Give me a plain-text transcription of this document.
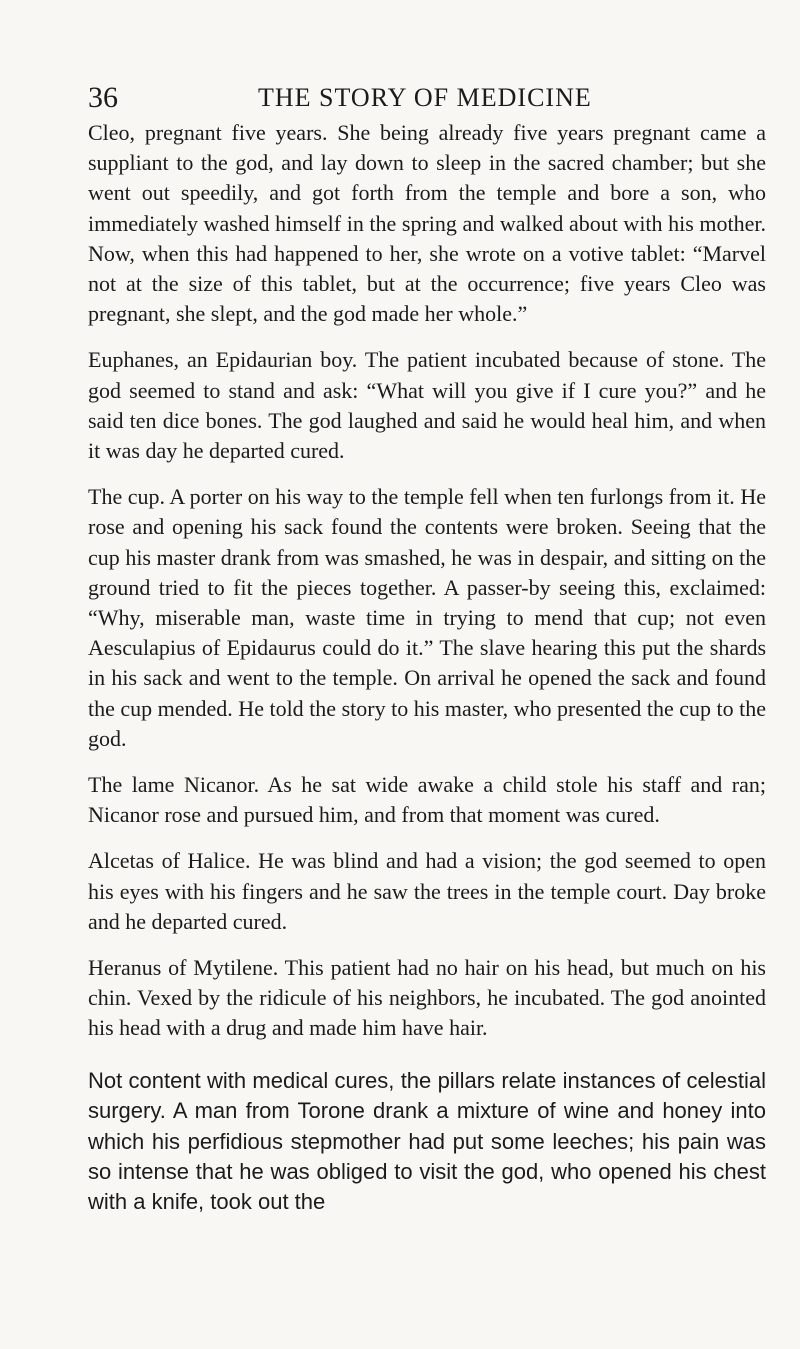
36	THE STORY OF MEDICINE

Cleo, pregnant five years. She being already five years pregnant came a suppliant to the god, and lay down to sleep in the sacred chamber; but she went out speedily, and got forth from the temple and bore a son, who immediately washed himself in the spring and walked about with his mother. Now, when this had happened to her, she wrote on a votive tablet: “Marvel not at the size of this tablet, but at the occurrence; five years Cleo was pregnant, she slept, and the god made her whole.”

Euphanes, an Epidaurian boy. The patient incubated because of stone. The god seemed to stand and ask: “What will you give if I cure you?” and he said ten dice bones. The god laughed and said he would heal him, and when it was day he departed cured.

The cup. A porter on his way to the temple fell when ten furlongs from it. He rose and opening his sack found the contents were broken. Seeing that the cup his master drank from was smashed, he was in despair, and sitting on the ground tried to fit the pieces together. A passer-by seeing this, exclaimed: “Why, miserable man, waste time in trying to mend that cup; not even Aesculapius of Epidaurus could do it.” The slave hearing this put the shards in his sack and went to the temple. On arrival he opened the sack and found the cup mended. He told the story to his master, who presented the cup to the god.

The lame Nicanor. As he sat wide awake a child stole his staff and ran; Nicanor rose and pursued him, and from that moment was cured.

Alcetas of Halice. He was blind and had a vision; the god seemed to open his eyes with his fingers and he saw the trees in the temple court. Day broke and he departed cured.

Heranus of Mytilene. This patient had no hair on his head, but much on his chin. Vexed by the ridicule of his neighbors, he incubated. The god anointed his head with a drug and made him have hair.

Not content with medical cures, the pillars relate instances of celestial surgery. A man from Torone drank a mixture of wine and honey into which his perfidious stepmother had put some leeches; his pain was so intense that he was obliged to visit the god, who opened his chest with a knife, took out the
